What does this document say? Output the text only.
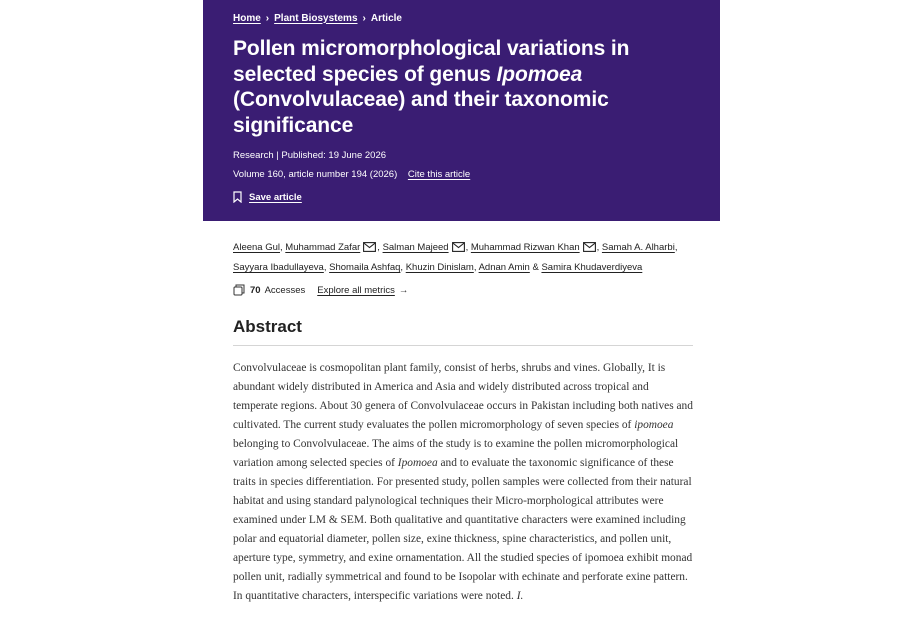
Home › Plant Biosystems › Article
Pollen micromorphological variations in selected species of genus Ipomoea (Convolvulaceae) and their taxonomic significance
Research | Published: 19 June 2026
Volume 160, article number 194 (2026) Cite this article
Save article
Aleena Gul, Muhammad Zafar , Salman Majeed , Muhammad Rizwan Khan , Samah A. Alharbi, Sayyara Ibadullayeva, Shomaila Ashfaq, Khuzin Dinislam, Adnan Amin & Samira Khudaverdiyeva
70 Accesses Explore all metrics →
Abstract
Convolvulaceae is cosmopolitan plant family, consist of herbs, shrubs and vines. Globally, It is abundant widely distributed in America and Asia and widely distributed across tropical and temperate regions. About 30 genera of Convolvulaceae occurs in Pakistan including both natives and cultivated. The current study evaluates the pollen micromorphology of seven species of ipomoea belonging to Convolvulaceae. The aims of the study is to examine the pollen micromorphological variation among selected species of Ipomoea and to evaluate the taxonomic significance of these traits in species differentiation. For presented study, pollen samples were collected from their natural habitat and using standard palynological techniques their Micro-morphological attributes were examined under LM & SEM. Both qualitative and quantitative characters were examined including polar and equatorial diameter, pollen size, exine thickness, spine characteristics, and pollen unit, aperture type, symmetry, and exine ornamentation. All the studied species of ipomoea exhibit monad pollen unit, radially symmetrical and found to be Isopolar with echinate and perforate exine pattern. In quantitative characters, interspecific variations were noted. I.
